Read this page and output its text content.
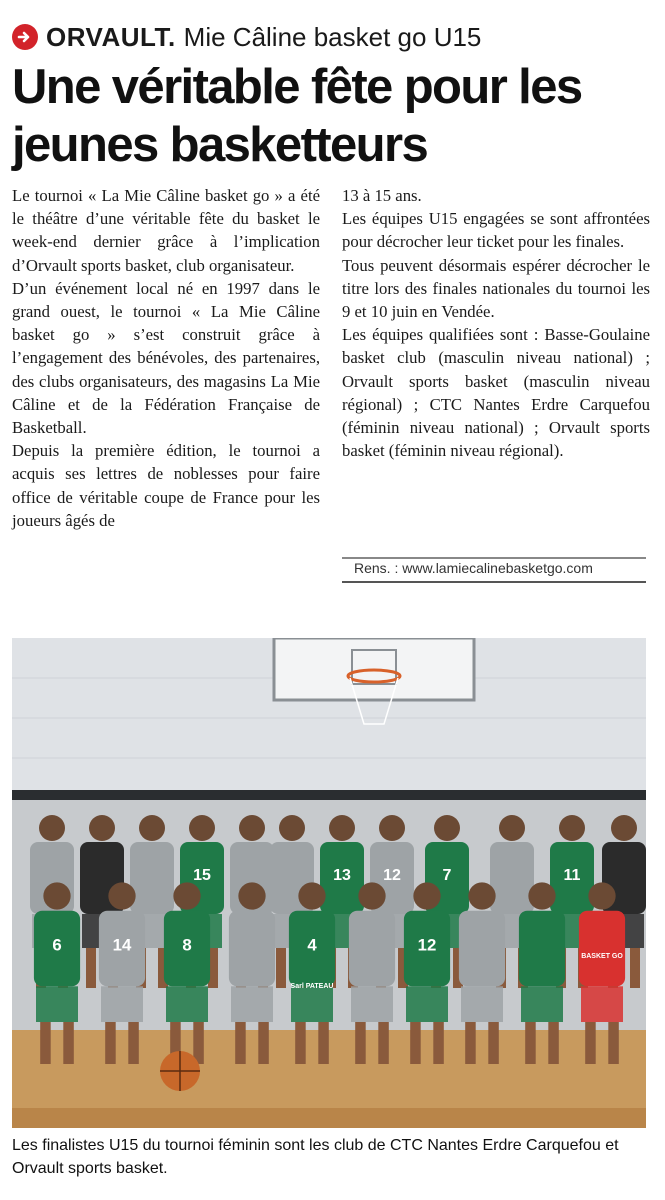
ORVAULT. Mie Câline basket go U15
Une véritable fête pour les jeunes basketteurs

Le tournoi « La Mie Câline basket go » a été le théâtre d’une véritable fête du basket le week-end dernier grâce à l’implication d’Orvault sports basket, club organisateur.

D’un événement local né en 1997 dans le grand ouest, le tournoi « La Mie Câline basket go » s’est construit grâce à l’engagement des bénévoles, des partenaires, des clubs organisateurs, des magasins La Mie Câline et de la Fédération Française de Basketball.

Depuis la première édition, le tournoi a acquis ses lettres de noblesses pour faire office de véritable coupe de France pour les joueurs âgés de

13 à 15 ans.

Les équipes U15 engagées se sont affrontées pour décrocher leur ticket pour les finales.

Tous peuvent désormais espérer décrocher le titre lors des finales nationales du tournoi les 9 et 10 juin en Vendée.

Les équipes qualifiées sont : Basse-Goulaine basket club (masculin niveau national) ; Orvault sports basket (masculin niveau régional) ; CTC Nantes Erdre Carquefou (féminin niveau national) ; Orvault sports basket (féminin niveau régional).

Rens. : www.lamiecalinebasketgo.com
15	13 12	7	11
6	14	8	4	12
Sarl PATEAU
BASKET GO

Les finalistes U15 du tournoi féminin sont les club de CTC Nantes Erdre Carquefou et Orvault sports basket.
